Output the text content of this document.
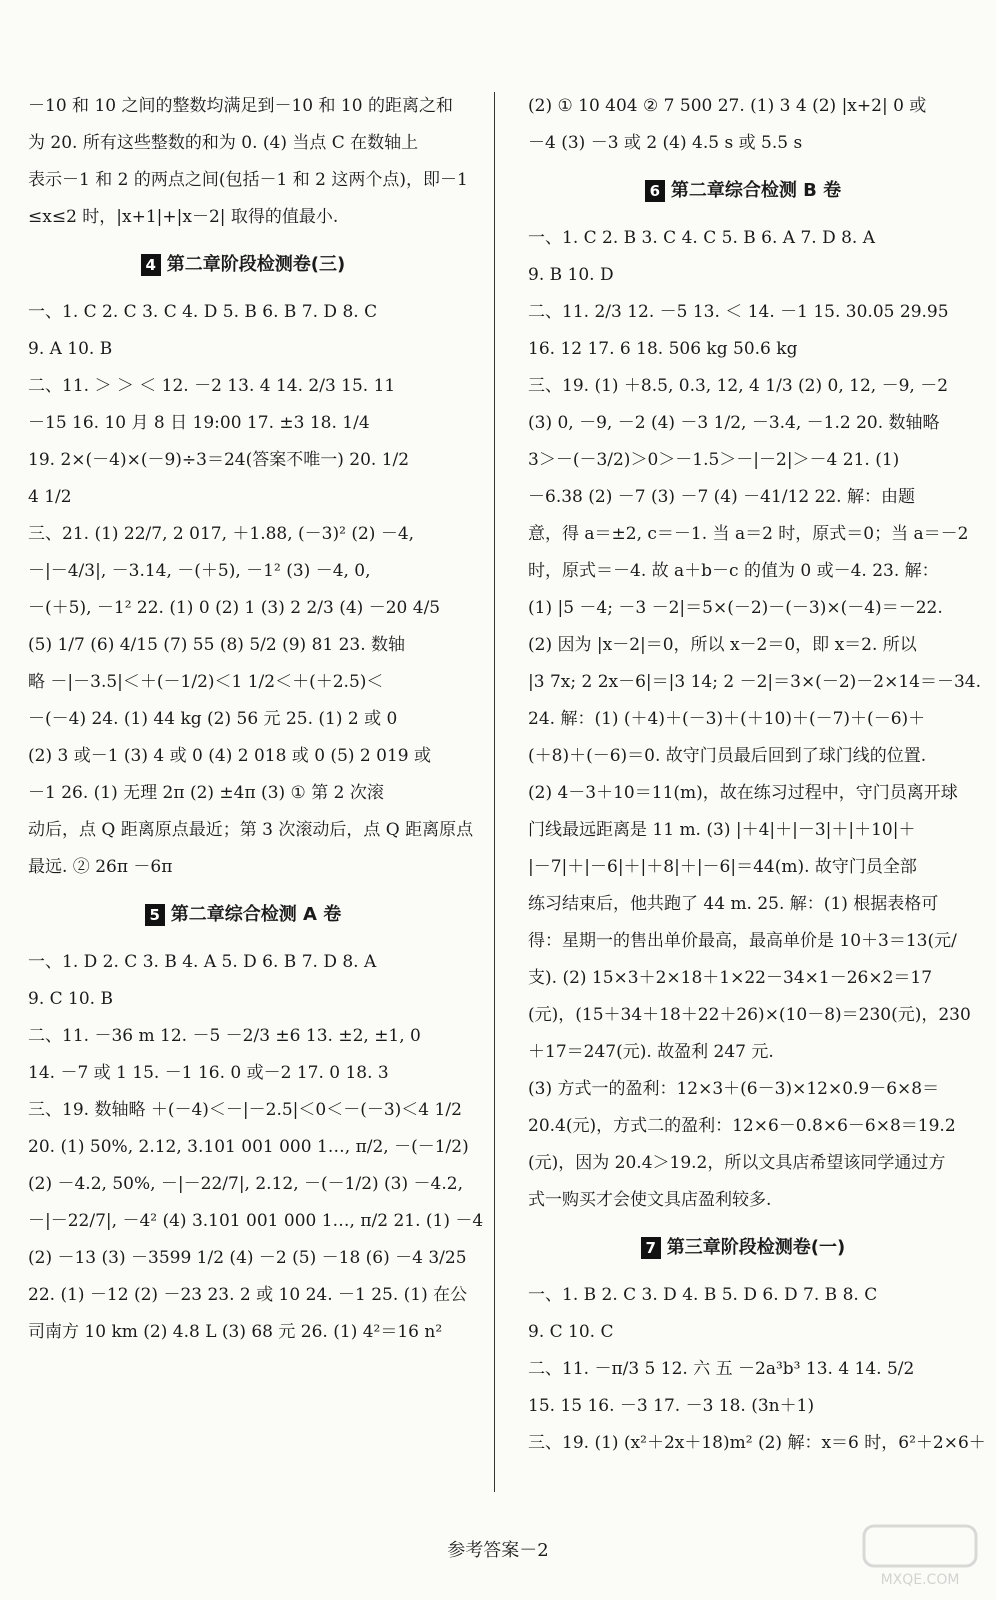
－10 和 10 之间的整数均满足到－10 和 10 的距离之和
为 20. 所有这些整数的和为 0. (4) 当点 C 在数轴上
表示－1 和 2 的两点之间(包括－1 和 2 这两个点)，即－1
≤x≤2 时，|x+1|+|x－2| 取得的值最小.
4 第二章阶段检测卷(三)
一、1. C 2. C 3. C 4. D 5. B 6. B 7. D 8. C
9. A 10. B
二、11. ＞ ＞ ＜ 12. －2 13. 4 14. 2/3 15. 11
－15 16. 10 月 8 日 19:00 17. ±3 18. 1/4
19. 2×(－4)×(－9)÷3＝24(答案不唯一) 20. 1/2
4 1/2
三、21. (1) 22/7, 2 017, ＋1.88, (－3)² (2) －4,
－|－4/3|, －3.14, －(＋5), －1² (3) －4, 0,
－(＋5), －1² 22. (1) 0 (2) 1 (3) 2 2/3 (4) －20 4/5
(5) 1/7 (6) 4/15 (7) 55 (8) 5/2 (9) 81 23. 数轴
略 －|－3.5|＜＋(－1/2)＜1 1/2＜＋(＋2.5)＜
－(－4) 24. (1) 44 kg (2) 56 元 25. (1) 2 或 0
(2) 3 或－1 (3) 4 或 0 (4) 2 018 或 0 (5) 2 019 或
－1 26. (1) 无理 2π (2) ±4π (3) ① 第 2 次滚
动后，点 Q 距离原点最近；第 3 次滚动后，点 Q 距离原点
最远. ② 26π －6π
5 第二章综合检测 A 卷
一、1. D 2. C 3. B 4. A 5. D 6. B 7. D 8. A
9. C 10. B
二、11. －36 m 12. －5 －2/3 ±6 13. ±2, ±1, 0
14. －7 或 1 15. －1 16. 0 或－2 17. 0 18. 3
三、19. 数轴略 ＋(－4)＜－|－2.5|＜0＜－(－3)＜4 1/2
20. (1) 50%, 2.12, 3.101 001 000 1…, π/2, －(－1/2)
(2) －4.2, 50%, －|－22/7|, 2.12, －(－1/2) (3) －4.2,
－|－22/7|, －4² (4) 3.101 001 000 1…, π/2 21. (1) －4
(2) －13 (3) －3599 1/2 (4) －2 (5) －18 (6) －4 3/25
22. (1) －12 (2) －23 23. 2 或 10 24. －1 25. (1) 在公
司南方 10 km (2) 4.8 L (3) 68 元 26. (1) 4²＝16 n²
(2) ① 10 404 ② 7 500 27. (1) 3 4 (2) |x+2| 0 或
－4 (3) －3 或 2 (4) 4.5 s 或 5.5 s
6 第二章综合检测 B 卷
一、1. C 2. B 3. C 4. C 5. B 6. A 7. D 8. A
9. B 10. D
二、11. 2/3 12. －5 13. ＜ 14. －1 15. 30.05 29.95
16. 12 17. 6 18. 506 kg 50.6 kg
三、19. (1) ＋8.5, 0.3, 12, 4 1/3 (2) 0, 12, －9, －2
(3) 0, －9, －2 (4) －3 1/2, －3.4, －1.2 20. 数轴略
3＞－(－3/2)＞0＞－1.5＞－|－2|＞－4 21. (1)
－6.38 (2) －7 (3) －7 (4) －41/12 22. 解：由题
意，得 a＝±2, c＝－1. 当 a＝2 时，原式＝0；当 a＝－2
时，原式＝－4. 故 a＋b－c 的值为 0 或－4. 23. 解：
(1) |5 －4; －3 －2|＝5×(－2)－(－3)×(－4)＝－22.
(2) 因为 |x－2|＝0，所以 x－2＝0，即 x＝2. 所以
|3 7x; 2 2x－6|＝|3 14; 2 －2|＝3×(－2)－2×14＝－34.
24. 解：(1) (＋4)＋(－3)＋(＋10)＋(－7)＋(－6)＋
(＋8)＋(－6)＝0. 故守门员最后回到了球门线的位置.
(2) 4－3＋10＝11(m)，故在练习过程中，守门员离开球
门线最远距离是 11 m. (3) |＋4|＋|－3|＋|＋10|＋
|－7|＋|－6|＋|＋8|＋|－6|＝44(m). 故守门员全部
练习结束后，他共跑了 44 m. 25. 解：(1) 根据表格可
得：星期一的售出单价最高，最高单价是 10＋3＝13(元/
支). (2) 15×3＋2×18＋1×22－34×1－26×2＝17
(元)，(15＋34＋18＋22＋26)×(10－8)＝230(元)，230
＋17＝247(元). 故盈利 247 元.
(3) 方式一的盈利：12×3＋(6－3)×12×0.9－6×8＝
20.4(元)，方式二的盈利：12×6－0.8×6－6×8＝19.2
(元)，因为 20.4＞19.2，所以文具店希望该同学通过方
式一购买才会使文具店盈利较多.
7 第三章阶段检测卷(一)
一、1. B 2. C 3. D 4. B 5. D 6. D 7. B 8. C
9. C 10. C
二、11. －π/3 5 12. 六 五 －2a³b³ 13. 4 14. 5/2
15. 15 16. －3 17. －3 18. (3n＋1)
三、19. (1) (x²＋2x＋18)m² (2) 解：x＝6 时，6²＋2×6＋
参考答案－2
MXQE.COM
